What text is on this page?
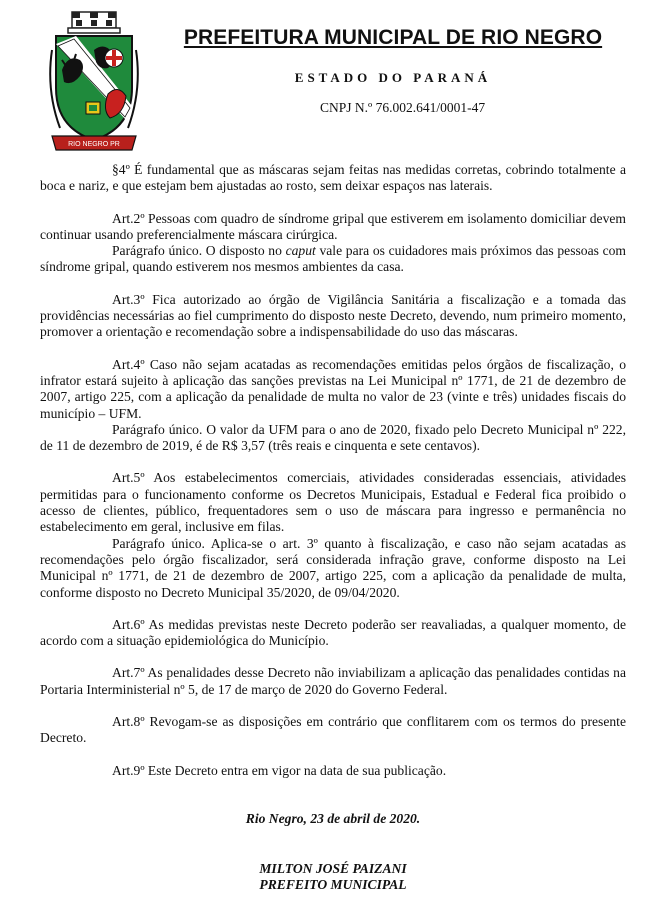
RIO NEGRO PR
PREFEITURA MUNICIPAL DE RIO NEGRO
ESTADO DO PARANÁ
CNPJ N.º 76.002.641/0001-47

§4º É fundamental que as máscaras sejam feitas nas medidas corretas, cobrindo totalmente a boca e nariz, e que estejam bem ajustadas ao rosto, sem deixar espaços nas laterais.

Art.2º Pessoas com quadro de síndrome gripal que estiverem em isolamento domiciliar devem continuar usando preferencialmente máscara cirúrgica.

Parágrafo único. O disposto no caput vale para os cuidadores mais próximos das pessoas com síndrome gripal, quando estiverem nos mesmos ambientes da casa.

Art.3º Fica autorizado ao órgão de Vigilância Sanitária a fiscalização e a tomada das providências necessárias ao fiel cumprimento do disposto neste Decreto, devendo, num primeiro momento, promover a orientação e recomendação sobre a indispensabilidade do uso das máscaras.

Art.4º Caso não sejam acatadas as recomendações emitidas pelos órgãos de fiscalização, o infrator estará sujeito à aplicação das sanções previstas na Lei Municipal nº 1771, de 21 de dezembro de 2007, artigo 225, com a aplicação da penalidade de multa no valor de 23 (vinte e três) unidades fiscais do município – UFM.

Parágrafo único. O valor da UFM para o ano de 2020, fixado pelo Decreto Municipal nº 222, de 11 de dezembro de 2019, é de R$ 3,57 (três reais e cinquenta e sete centavos).

Art.5º Aos estabelecimentos comerciais, atividades consideradas essenciais, atividades permitidas para o funcionamento conforme os Decretos Municipais, Estadual e Federal fica proibido o acesso de clientes, público, frequentadores sem o uso de máscara para ingresso e permanência no estabelecimento em geral, inclusive em filas.

Parágrafo único. Aplica-se o art. 3º quanto à fiscalização, e caso não sejam acatadas as recomendações pelo órgão fiscalizador, será considerada infração grave, conforme disposto na Lei Municipal nº 1771, de 21 de dezembro de 2007, artigo 225, com a aplicação da penalidade de multa, conforme disposto no Decreto Municipal 35/2020, de 09/04/2020.

Art.6º As medidas previstas neste Decreto poderão ser reavaliadas, a qualquer momento, de acordo com a situação epidemiológica do Município.

Art.7º As penalidades desse Decreto não inviabilizam a aplicação das penalidades contidas na Portaria Interministerial nº 5, de 17 de março de 2020 do Governo Federal.

Art.8º Revogam-se as disposições em contrário que conflitarem com os termos do presente Decreto.

Art.9º Este Decreto entra em vigor na data de sua publicação.

Rio Negro, 23 de abril de 2020.
MILTON JOSÉ PAIZANI
PREFEITO MUNICIPAL
